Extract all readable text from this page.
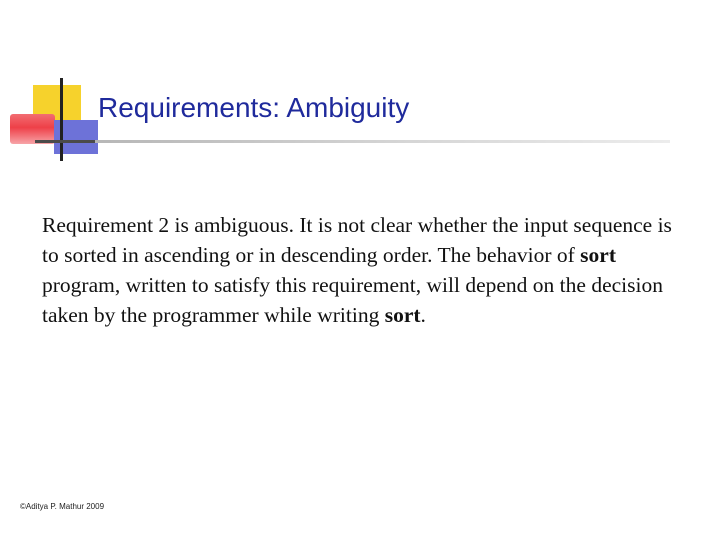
Requirements: Ambiguity

Requirement 2 is ambiguous. It is not clear whether the input sequence is to sorted in ascending or in descending order. The behavior of sort program, written to satisfy this requirement, will depend on the decision taken by the programmer while writing sort.

©Aditya P. Mathur 2009
